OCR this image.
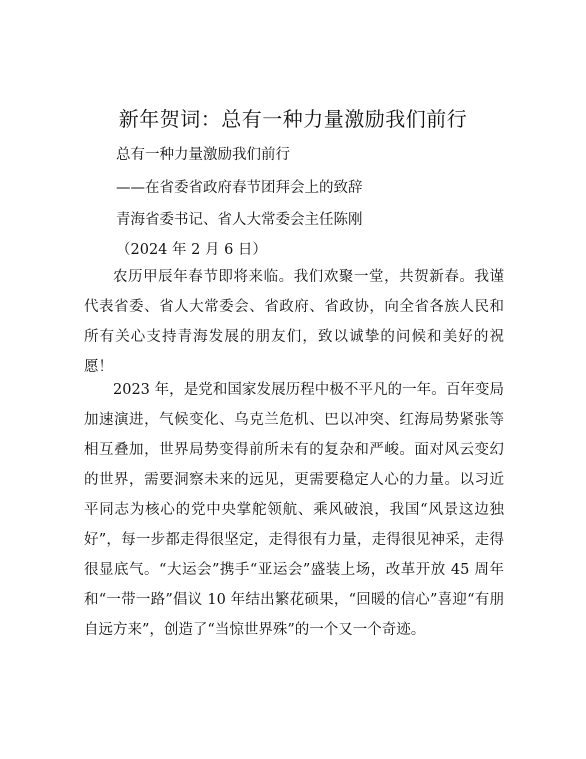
新年贺词：总有一种力量激励我们前行
总有一种力量激励我们前行
——在省委省政府春节团拜会上的致辞
青海省委书记、省人大常委会主任陈刚
（2024 年 2 月 6 日）
农历甲辰年春节即将来临。我们欢聚一堂，共贺新春。我谨代表省委、省人大常委会、省政府、省政协，向全省各族人民和所有关心支持青海发展的朋友们，致以诚挚的问候和美好的祝愿！
2023 年，是党和国家发展历程中极不平凡的一年。百年变局加速演进，气候变化、乌克兰危机、巴以冲突、红海局势紧张等相互叠加，世界局势变得前所未有的复杂和严峻。面对风云变幻的世界，需要洞察未来的远见，更需要稳定人心的力量。以习近平同志为核心的党中央掌舵领航、乘风破浪，我国“风景这边独好”，每一步都走得很坚定，走得很有力量，走得很见神采，走得很显底气。“大运会”携手“亚运会”盛装上场，改革开放 45 周年和“一带一路”倡议 10 年结出繁花硕果，“回暖的信心”喜迎“有朋自远方来”，创造了“当惊世界殊”的一个又一个奇迹。
